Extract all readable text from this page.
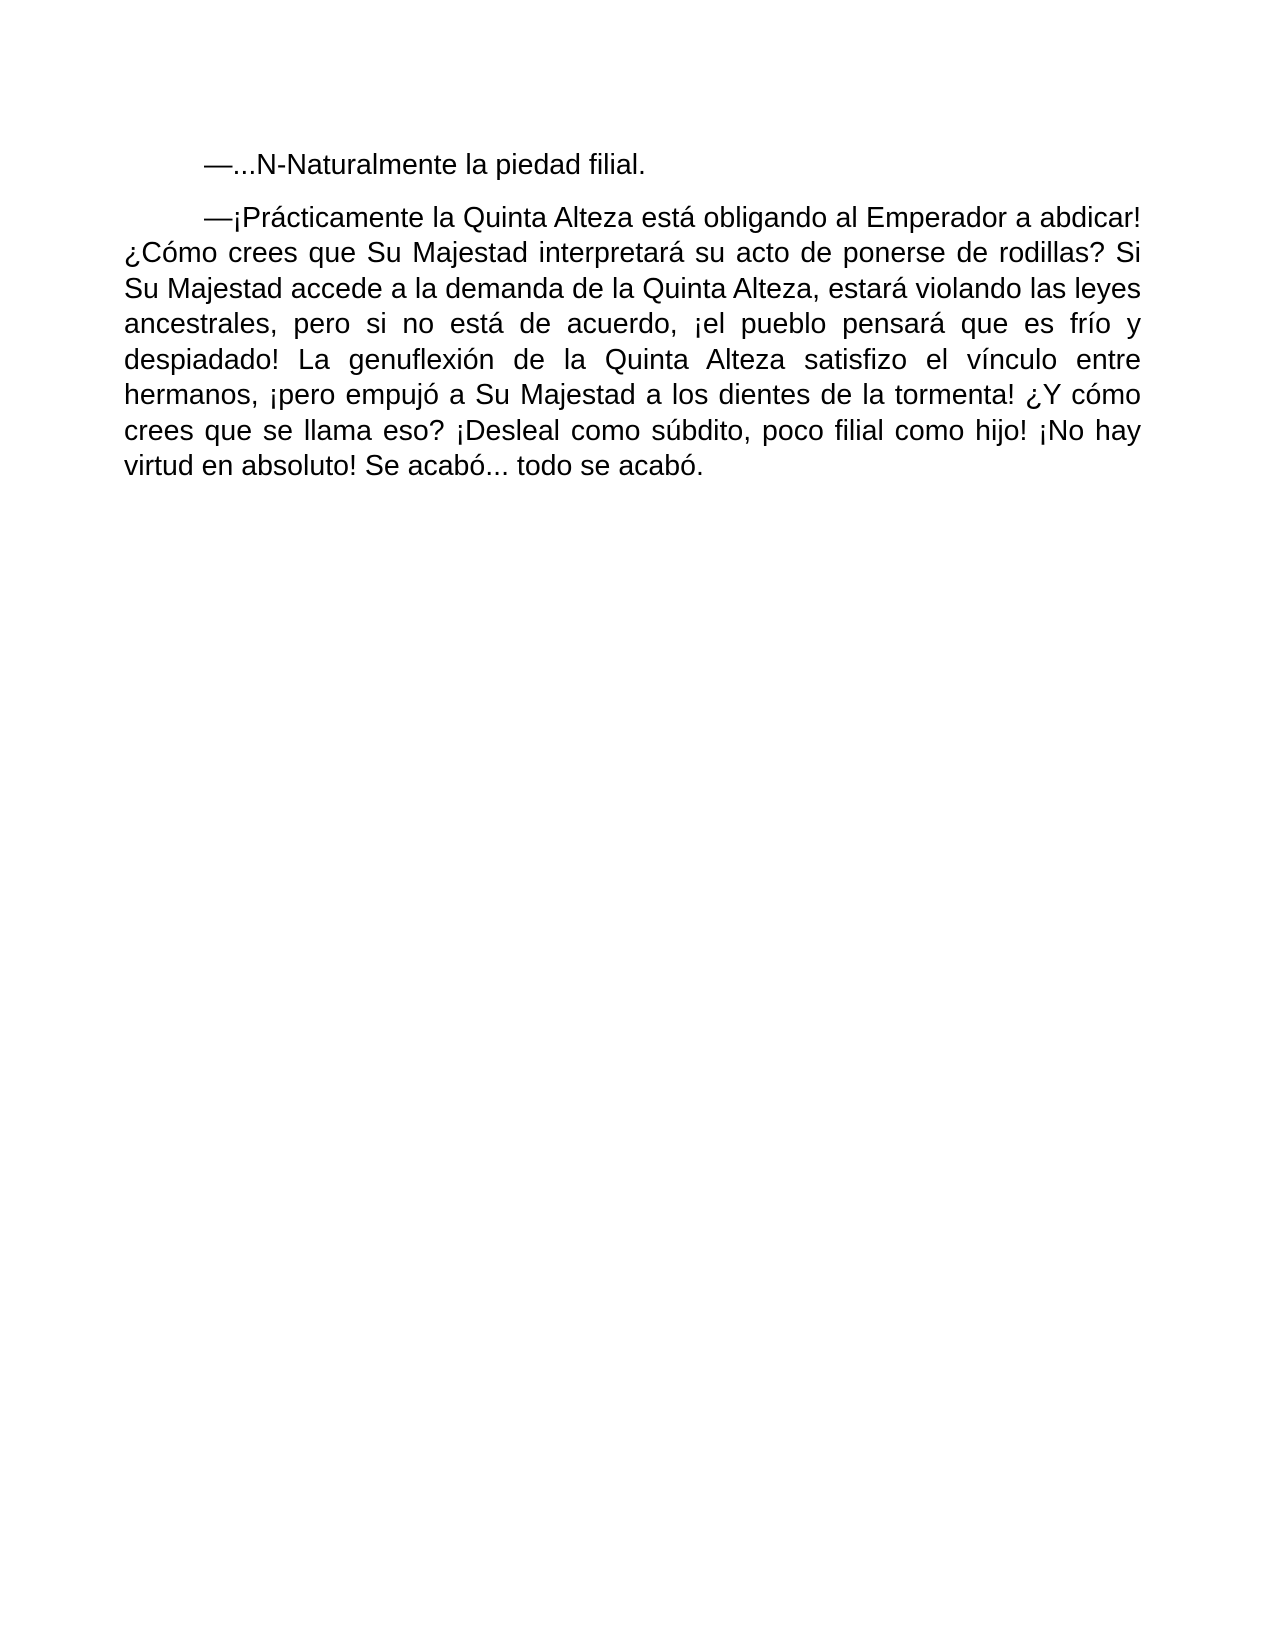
—...N-Naturalmente la piedad filial.

—¡Prácticamente la Quinta Alteza está obligando al Emperador a abdicar! ¿Cómo crees que Su Majestad interpretará su acto de ponerse de rodillas? Si Su Majestad accede a la demanda de la Quinta Alteza, estará violando las leyes ancestrales, pero si no está de acuerdo, ¡el pueblo pensará que es frío y despiadado! La genuflexión de la Quinta Alteza satisfizo el vínculo entre hermanos, ¡pero empujó a Su Majestad a los dientes de la tormenta! ¿Y cómo crees que se llama eso? ¡Desleal como súbdito, poco filial como hijo! ¡No hay virtud en absoluto! Se acabó... todo se acabó.
